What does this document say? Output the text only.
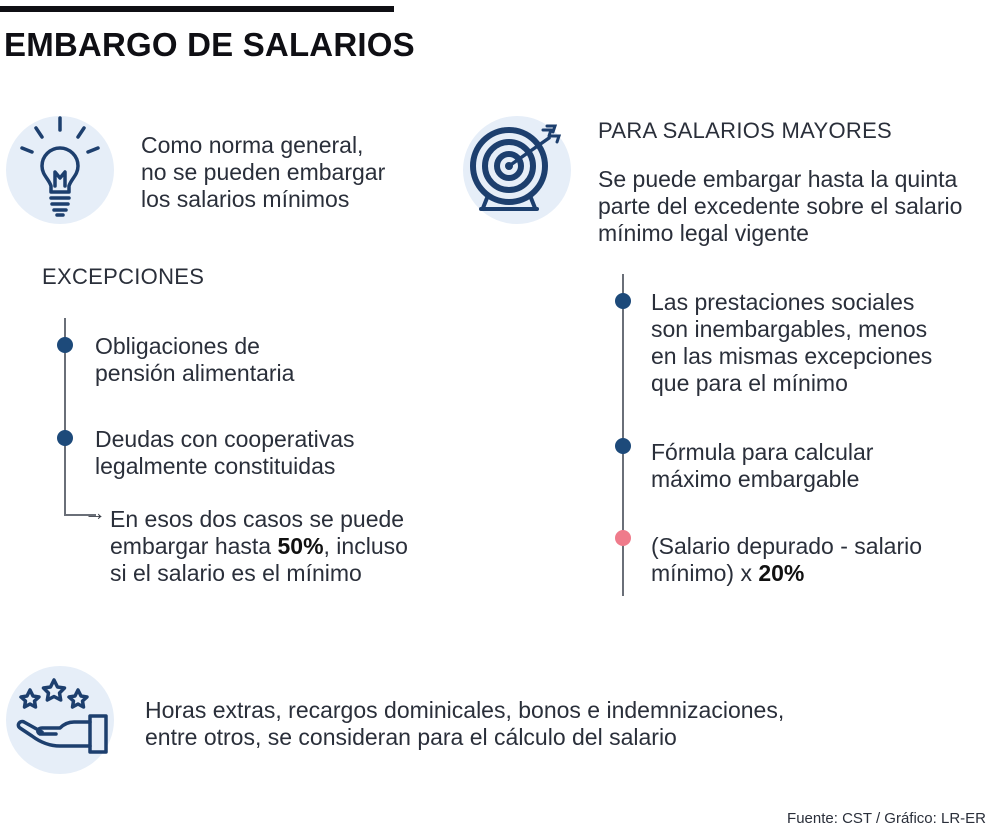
EMBARGO DE SALARIOS
Como norma general,
no se pueden embargar
los salarios mínimos
EXCEPCIONES
Obligaciones de
pensión alimentaria
Deudas con cooperativas
legalmente constituidas
→ En esos dos casos se puede
embargar hasta 50%, incluso
si el salario es el mínimo
PARA SALARIOS MAYORES
Se puede embargar hasta la quinta
parte del excedente sobre el salario
mínimo legal vigente
Las prestaciones sociales
son inembargables, menos
en las mismas excepciones
que para el mínimo
Fórmula para calcular
máximo embargable
(Salario depurado - salario
mínimo) x 20%
Horas extras, recargos dominicales, bonos e indemnizaciones,
entre otros, se consideran para el cálculo del salario
Fuente: CST / Gráfico: LR-ER
